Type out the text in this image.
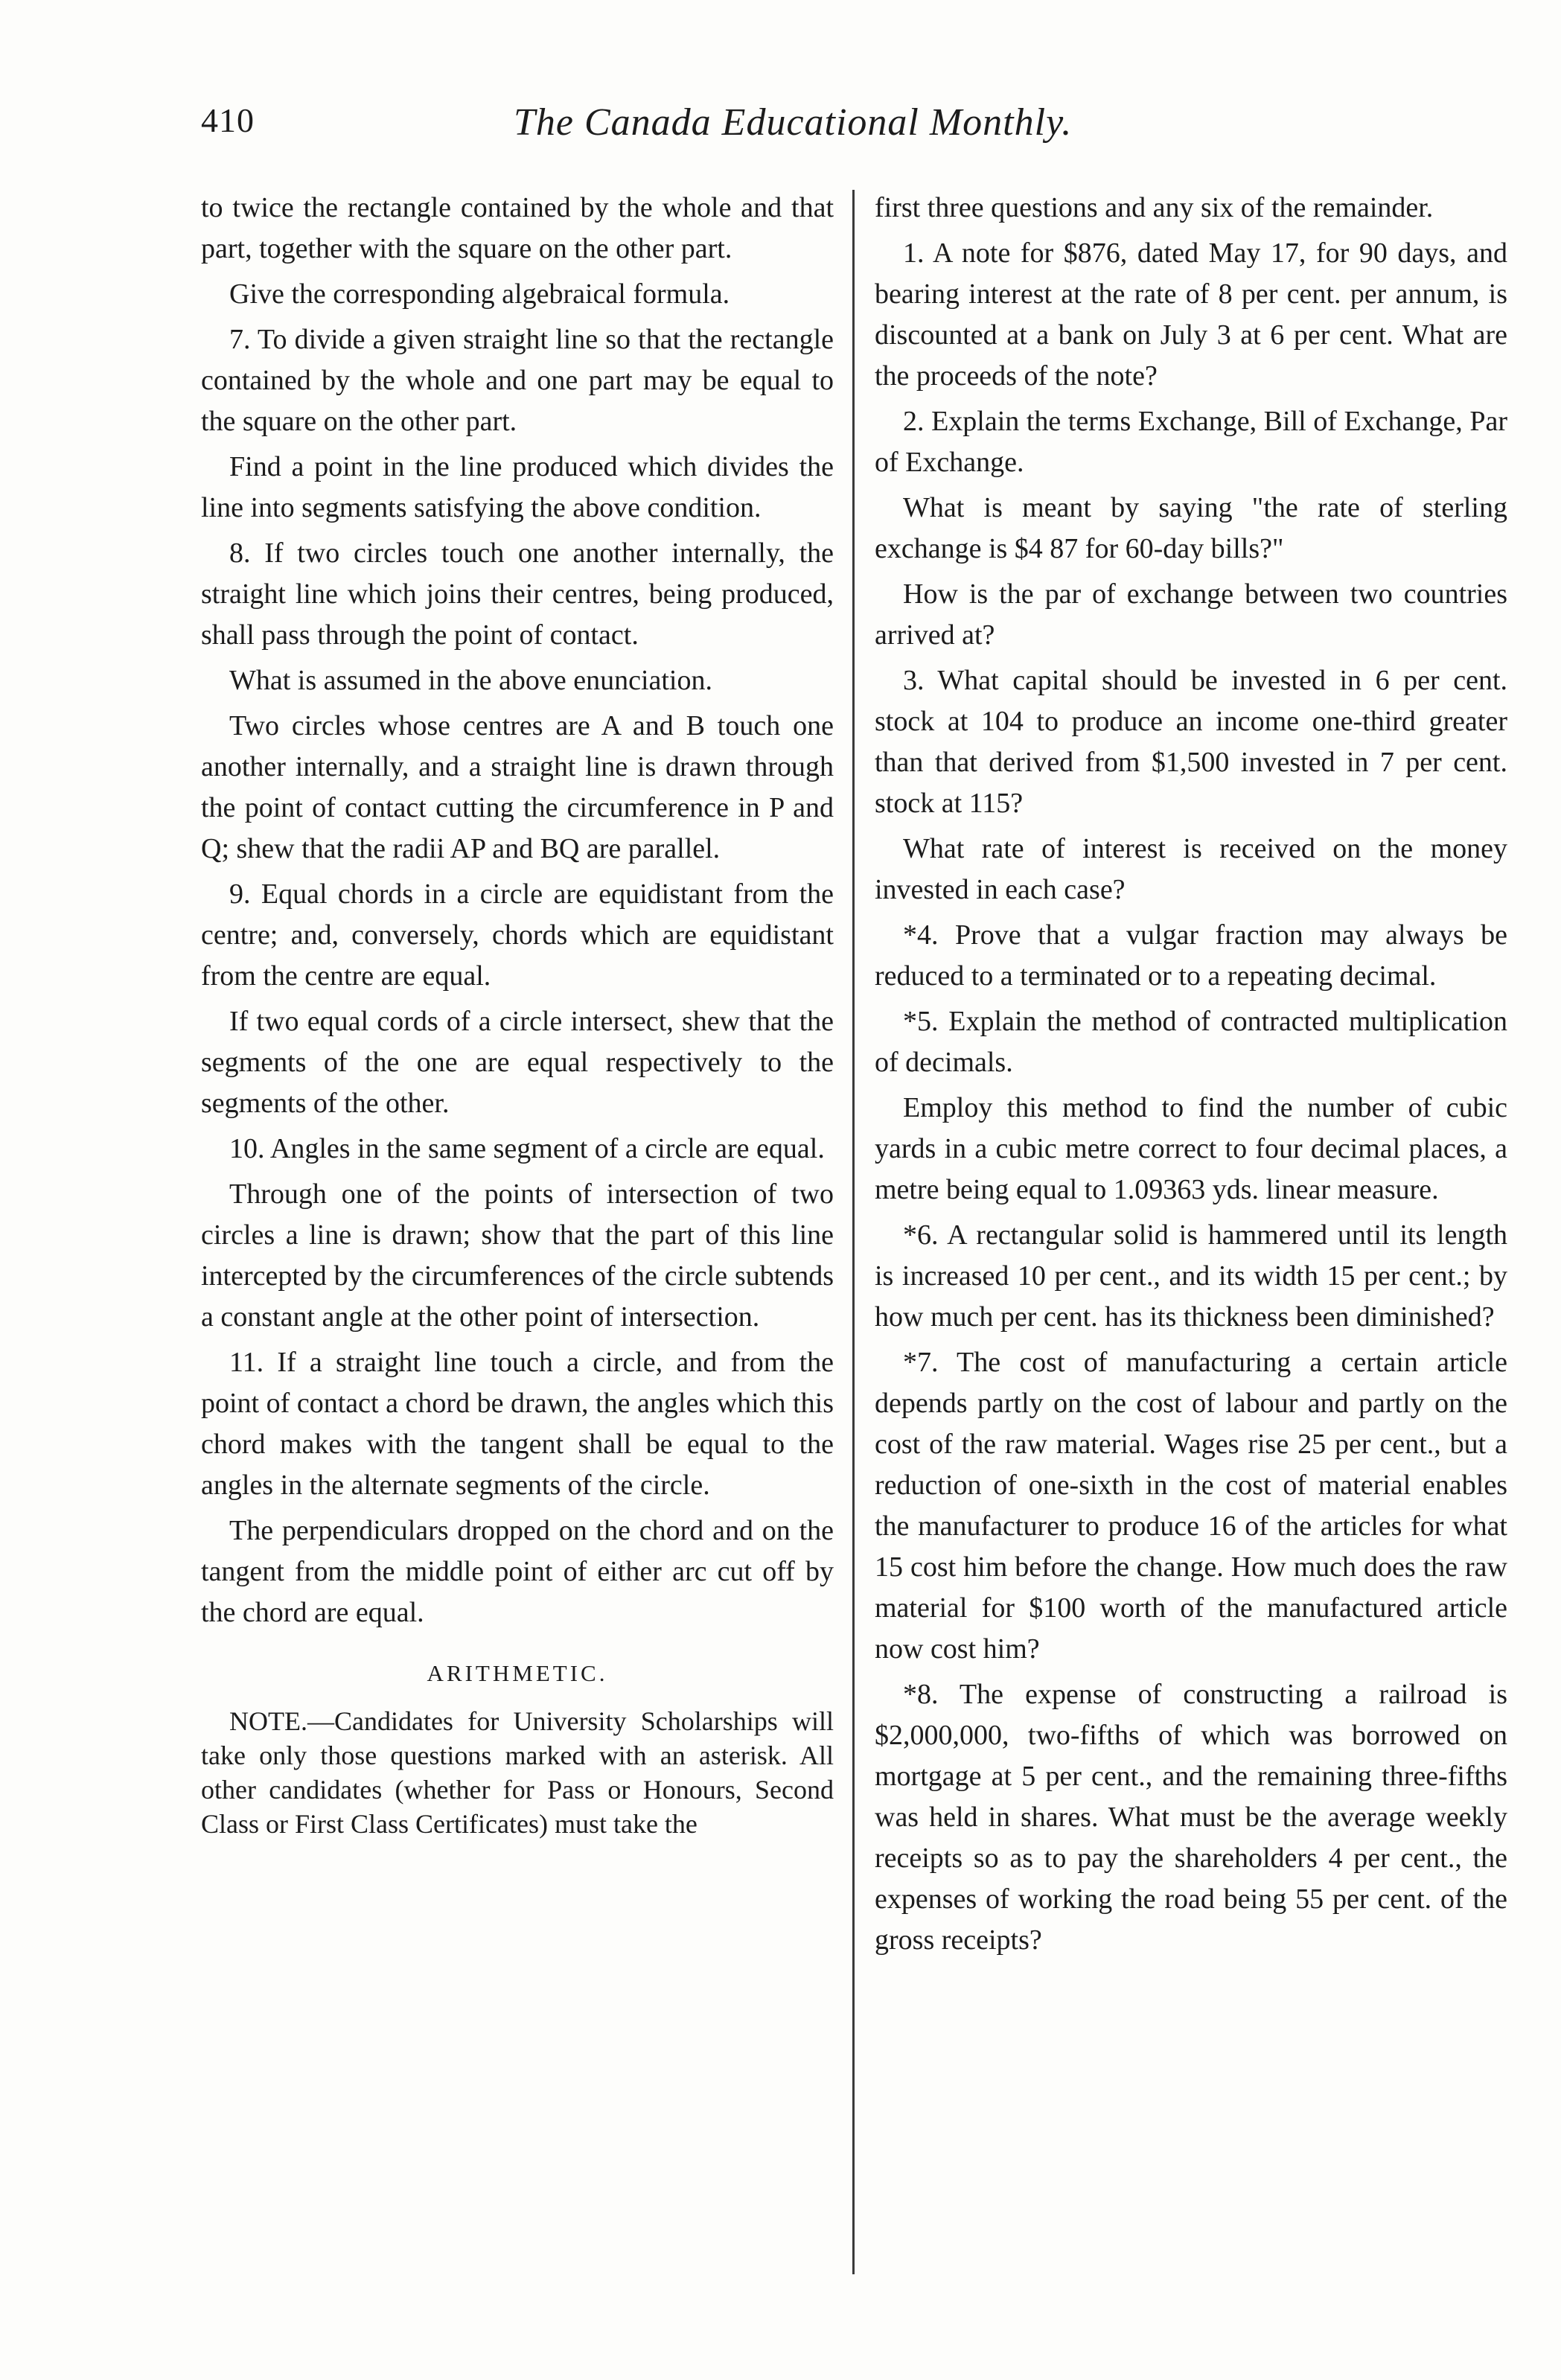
410	The Canada Educational Monthly.

to twice the rectangle contained by the whole and that part, together with the square on the other part.

Give the corresponding algebraical formula.

7. To divide a given straight line so that the rectangle contained by the whole and one part may be equal to the square on the other part.

Find a point in the line produced which divides the line into segments satisfying the above condition.

8. If two circles touch one another internally, the straight line which joins their centres, being produced, shall pass through the point of contact.

What is assumed in the above enunciation.

Two circles whose centres are A and B touch one another internally, and a straight line is drawn through the point of contact cutting the circumference in P and Q; shew that the radii AP and BQ are parallel.

9. Equal chords in a circle are equidistant from the centre; and, conversely, chords which are equidistant from the centre are equal.

If two equal cords of a circle intersect, shew that the segments of the one are equal respectively to the segments of the other.

10. Angles in the same segment of a circle are equal.

Through one of the points of intersection of two circles a line is drawn; show that the part of this line intercepted by the circumferences of the circle subtends a constant angle at the other point of intersection.

11. If a straight line touch a circle, and from the point of contact a chord be drawn, the angles which this chord makes with the tangent shall be equal to the angles in the alternate segments of the circle.

The perpendiculars dropped on the chord and on the tangent from the middle point of either arc cut off by the chord are equal.

ARITHMETIC.

NOTE.—Candidates for University Scholarships will take only those questions marked with an asterisk. All other candidates (whether for Pass or Honours, Second Class or First Class Certificates) must take the

first three questions and any six of the remainder.

1. A note for $876, dated May 17, for 90 days, and bearing interest at the rate of 8 per cent. per annum, is discounted at a bank on July 3 at 6 per cent. What are the proceeds of the note?

2. Explain the terms Exchange, Bill of Exchange, Par of Exchange.

What is meant by saying "the rate of sterling exchange is $4 87 for 60-day bills?"

How is the par of exchange between two countries arrived at?

3. What capital should be invested in 6 per cent. stock at 104 to produce an income one-third greater than that derived from $1,500 invested in 7 per cent. stock at 115?

What rate of interest is received on the money invested in each case?

*4. Prove that a vulgar fraction may always be reduced to a terminated or to a repeating decimal.

*5. Explain the method of contracted multiplication of decimals.

Employ this method to find the number of cubic yards in a cubic metre correct to four decimal places, a metre being equal to 1.09363 yds. linear measure.

*6. A rectangular solid is hammered until its length is increased 10 per cent., and its width 15 per cent.; by how much per cent. has its thickness been diminished?

*7. The cost of manufacturing a certain article depends partly on the cost of labour and partly on the cost of the raw material. Wages rise 25 per cent., but a reduction of one-sixth in the cost of material enables the manufacturer to produce 16 of the articles for what 15 cost him before the change. How much does the raw material for $100 worth of the manufactured article now cost him?

*8. The expense of constructing a railroad is $2,000,000, two-fifths of which was borrowed on mortgage at 5 per cent., and the remaining three-fifths was held in shares. What must be the average weekly receipts so as to pay the shareholders 4 per cent., the expenses of working the road being 55 per cent. of the gross receipts?
